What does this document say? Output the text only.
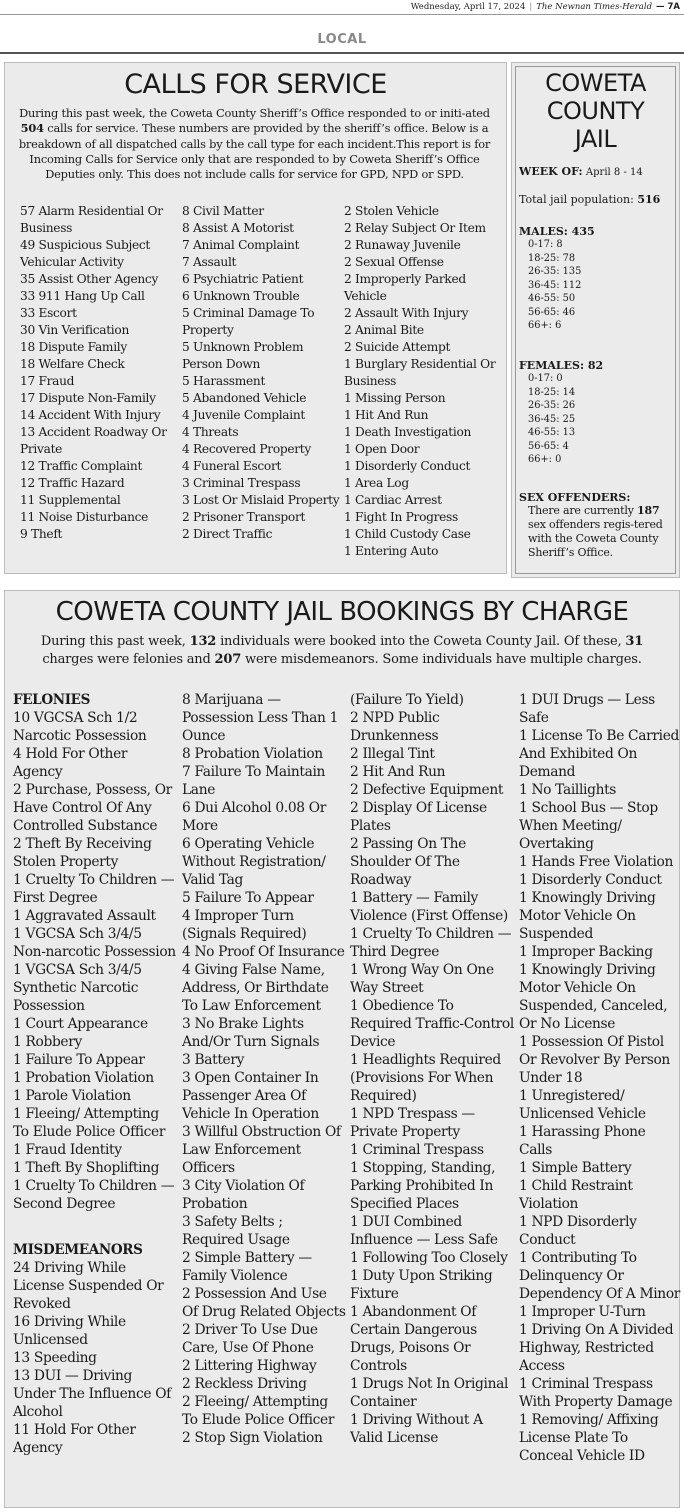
Wednesday, April 17, 2024 | The Newnan Times-Herald — 7A
LOCAL
CALLS FOR SERVICE

During this past week, the Coweta County Sheriff’s Office responded to or initi-ated 504 calls for service. These numbers are provided by the sheriff’s office. Below is a breakdown of all dispatched calls by the call type for each incident.This report is for Incoming Calls for Service only that are responded to by Coweta Sheriff’s Office Deputies only. This does not include calls for service for GPD, NPD or SPD.

57 Alarm Residential Or Business
49 Suspicious Subject Vehicular Activity
35 Assist Other Agency
33 911 Hang Up Call
33 Escort
30 Vin Verification
18 Dispute Family
18 Welfare Check
17 Fraud
17 Dispute Non-Family
14 Accident With Injury
13 Accident Roadway Or Private
12 Traffic Complaint
12 Traffic Hazard
11 Supplemental
11 Noise Disturbance
9 Theft
8 Civil Matter
8 Assist A Motorist
7 Animal Complaint
7 Assault
6 Psychiatric Patient
6 Unknown Trouble
5 Criminal Damage To Property
5 Unknown Problem Person Down
5 Harassment
5 Abandoned Vehicle
4 Juvenile Complaint
4 Threats
4 Recovered Property
4 Funeral Escort
3 Criminal Trespass
3 Lost Or Mislaid Property
2 Prisoner Transport
2 Direct Traffic
2 Stolen Vehicle
2 Relay Subject Or Item
2 Runaway Juvenile
2 Sexual Offense
2 Improperly Parked Vehicle
2 Assault With Injury
2 Animal Bite
2 Suicide Attempt
1 Burglary Residential Or Business
1 Missing Person
1 Hit And Run
1 Death Investigation
1 Open Door
1 Disorderly Conduct
1 Area Log
1 Cardiac Arrest
1 Fight In Progress
1 Child Custody Case
1 Entering Auto
COWETA
COUNTY
JAIL
WEEK OF: April 8 - 14
Total jail population: 516
MALES: 435
0-17: 8
18-25: 78
26-35: 135
36-45: 112
46-55: 50
56-65: 46
66+: 6
FEMALES: 82
0-17: 0
18-25: 14
26-35: 26
36-45: 25
46-55: 13
56-65: 4
66+: 0
SEX OFFENDERS:

There are currently 187 sex offenders regis-tered with the Coweta County Sheriff’s Office.

COWETA COUNTY JAIL BOOKINGS BY CHARGE

During this past week, 132 individuals were booked into the Coweta County Jail. Of these, 31 charges were felonies and 207 were misdemeanors. Some individuals have multiple charges.

FELONIES
10 VGCSA Sch 1/2 Narcotic Possession
4 Hold For Other Agency
2 Purchase, Possess, Or Have Control Of Any Controlled Substance
2 Theft By Receiving Stolen Property
1 Cruelty To Children — First Degree
1 Aggravated Assault
1 VGCSA Sch 3/4/5 Non-narcotic Possession
1 VGCSA Sch 3/4/5 Synthetic Narcotic Possession
1 Court Appearance
1 Robbery
1 Failure To Appear
1 Probation Violation
1 Parole Violation
1 Fleeing/ Attempting To Elude Police Officer
1 Fraud Identity
1 Theft By Shoplifting
1 Cruelty To Children — Second Degree
MISDEMEANORS
24 Driving While License Suspended Or Revoked
16 Driving While Unlicensed
13 Speeding
13 DUI — Driving Under The Influence Of Alcohol
11 Hold For Other Agency
8 Marijuana — Possession Less Than 1 Ounce
8 Probation Violation
7 Failure To Maintain Lane
6 Dui Alcohol 0.08 Or More
6 Operating Vehicle Without Registration/ Valid Tag
5 Failure To Appear
4 Improper Turn (Signals Required)
4 No Proof Of Insurance
4 Giving False Name, Address, Or Birthdate To Law Enforcement
3 No Brake Lights And/Or Turn Signals
3 Battery
3 Open Container In Passenger Area Of Vehicle In Operation
3 Willful Obstruction Of Law Enforcement Officers
3 City Violation Of Probation
3 Safety Belts ; Required Usage
2 Simple Battery — Family Violence
2 Possession And Use Of Drug Related Objects
2 Driver To Use Due Care, Use Of Phone
2 Littering Highway
2 Reckless Driving
2 Fleeing/ Attempting To Elude Police Officer
2 Stop Sign Violation
(Failure To Yield)
2 NPD Public Drunkenness
2 Illegal Tint
2 Hit And Run
2 Defective Equipment
2 Display Of License Plates
2 Passing On The Shoulder Of The Roadway
1 Battery — Family Violence (First Offense)
1 Cruelty To Children — Third Degree
1 Wrong Way On One Way Street
1 Obedience To Required Traffic-Control Device
1 Headlights Required (Provisions For When Required)
1 NPD Trespass — Private Property
1 Criminal Trespass
1 Stopping, Standing, Parking Prohibited In Specified Places
1 DUI Combined Influence — Less Safe
1 Following Too Closely
1 Duty Upon Striking Fixture
1 Abandonment Of Certain Dangerous Drugs, Poisons Or Controls
1 Drugs Not In Original Container
1 Driving Without A Valid License
1 DUI Drugs — Less Safe
1 License To Be Carried And Exhibited On Demand
1 No Taillights
1 School Bus — Stop When Meeting/ Overtaking
1 Hands Free Violation
1 Disorderly Conduct
1 Knowingly Driving Motor Vehicle On Suspended
1 Improper Backing
1 Knowingly Driving Motor Vehicle On Suspended, Canceled, Or No License
1 Possession Of Pistol Or Revolver By Person Under 18
1 Unregistered/ Unlicensed Vehicle
1 Harassing Phone Calls
1 Simple Battery
1 Child Restraint Violation
1 NPD Disorderly Conduct
1 Contributing To Delinquency Or Dependency Of A Minor
1 Improper U-Turn
1 Driving On A Divided Highway, Restricted Access
1 Criminal Trespass With Property Damage
1 Removing/ Affixing License Plate To Conceal Vehicle ID
